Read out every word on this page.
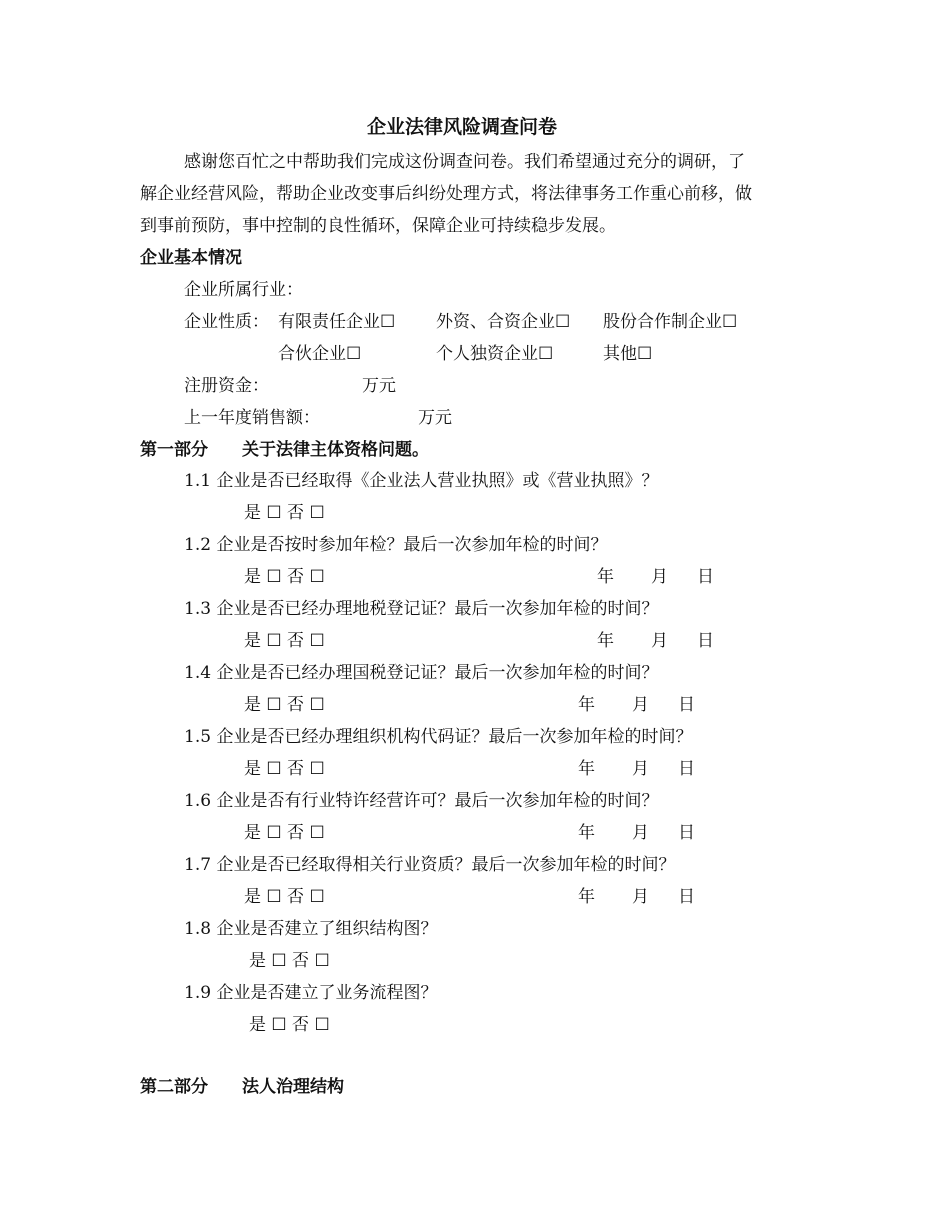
企业法律风险调查问卷
感谢您百忙之中帮助我们完成这份调查问卷。我们希望通过充分的调研，了
解企业经营风险，帮助企业改变事后纠纷处理方式，将法律事务工作重心前移，做
到事前预防，事中控制的良性循环，保障企业可持续稳步发展。
企业基本情况
企业所属行业：
企业性质： 有限责任企业☐ 外资、合资企业☐ 股份合作制企业☐
合伙企业☐	个人独资企业☐	其他☐
注册资金：	万元
上一年度销售额：	万元
第一部分 关于法律主体资格问题。
1.1 企业是否已经取得《企业法人营业执照》或《营业执照》？
是 ☐ 否 ☐
1.2 企业是否按时参加年检？最后一次参加年检的时间？
是 ☐ 否 ☐	年 月 日
1.3 企业是否已经办理地税登记证？最后一次参加年检的时间？
是 ☐ 否 ☐	年 月 日
1.4 企业是否已经办理国税登记证？最后一次参加年检的时间？
是 ☐ 否 ☐	年 月 日
1.5 企业是否已经办理组织机构代码证？最后一次参加年检的时间？
是 ☐ 否 ☐	年 月 日
1.6 企业是否有行业特许经营许可？最后一次参加年检的时间？
是 ☐ 否 ☐	年 月 日
1.7 企业是否已经取得相关行业资质？最后一次参加年检的时间？
是 ☐ 否 ☐	年 月 日
1.8 企业是否建立了组织结构图？
是 ☐ 否 ☐
1.9 企业是否建立了业务流程图？
是 ☐ 否 ☐
第二部分 法人治理结构
